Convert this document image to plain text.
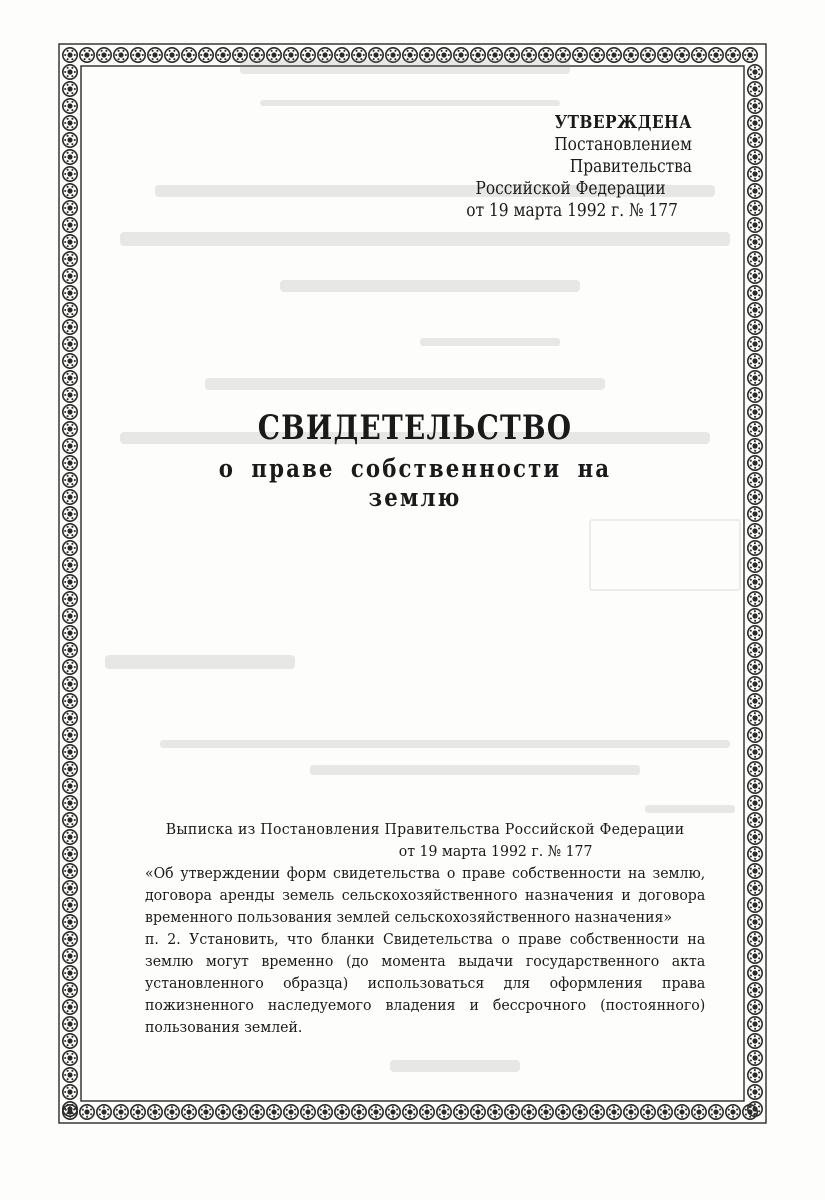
УТВЕРЖДЕНА
Постановлением Правительства
Российской Федерации
от 19 марта 1992 г. № 177
СВИДЕТЕЛЬСТВО
о праве собственности на землю
Выписка из Постановления Правительства Российской Федерации
от 19 марта 1992 г. № 177

«Об утверждении форм свидетельства о праве собственности на землю, договора аренды земель сельскохозяйственного назначения и договора временного пользования землей сельскохозяйственного назначения»

п. 2. Установить, что бланки Свидетельства о праве собственности на землю могут временно (до момента выдачи государственного акта установленного образца) использоваться для оформления права пожизненного наследуемого владения и бессрочного (постоянного) пользования землей.
